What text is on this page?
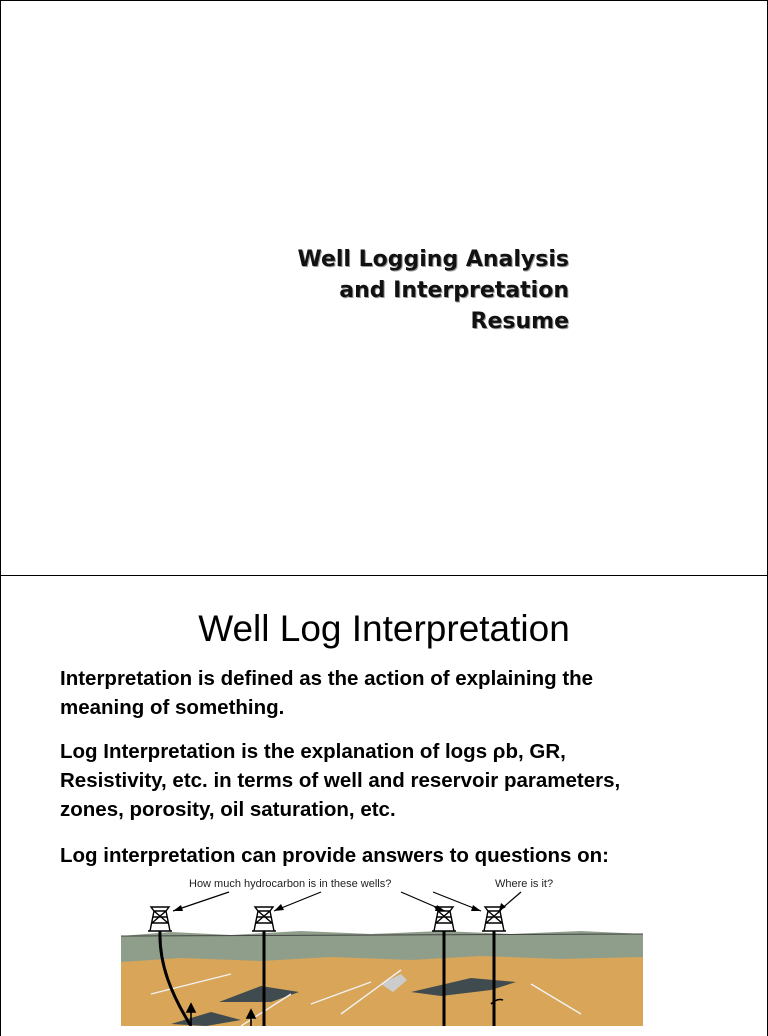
Well Logging Analysis
and Interpretation
Resume
Well Log Interpretation
Interpretation is defined as the action of explaining the
meaning of something.
Log Interpretation is the explanation of logs ρb, GR,
Resistivity, etc. in terms of well and reservoir parameters,
zones, porosity, oil saturation, etc.
Log interpretation can provide answers to questions on:
How much hydrocarbon is in these wells?	Where is it?
